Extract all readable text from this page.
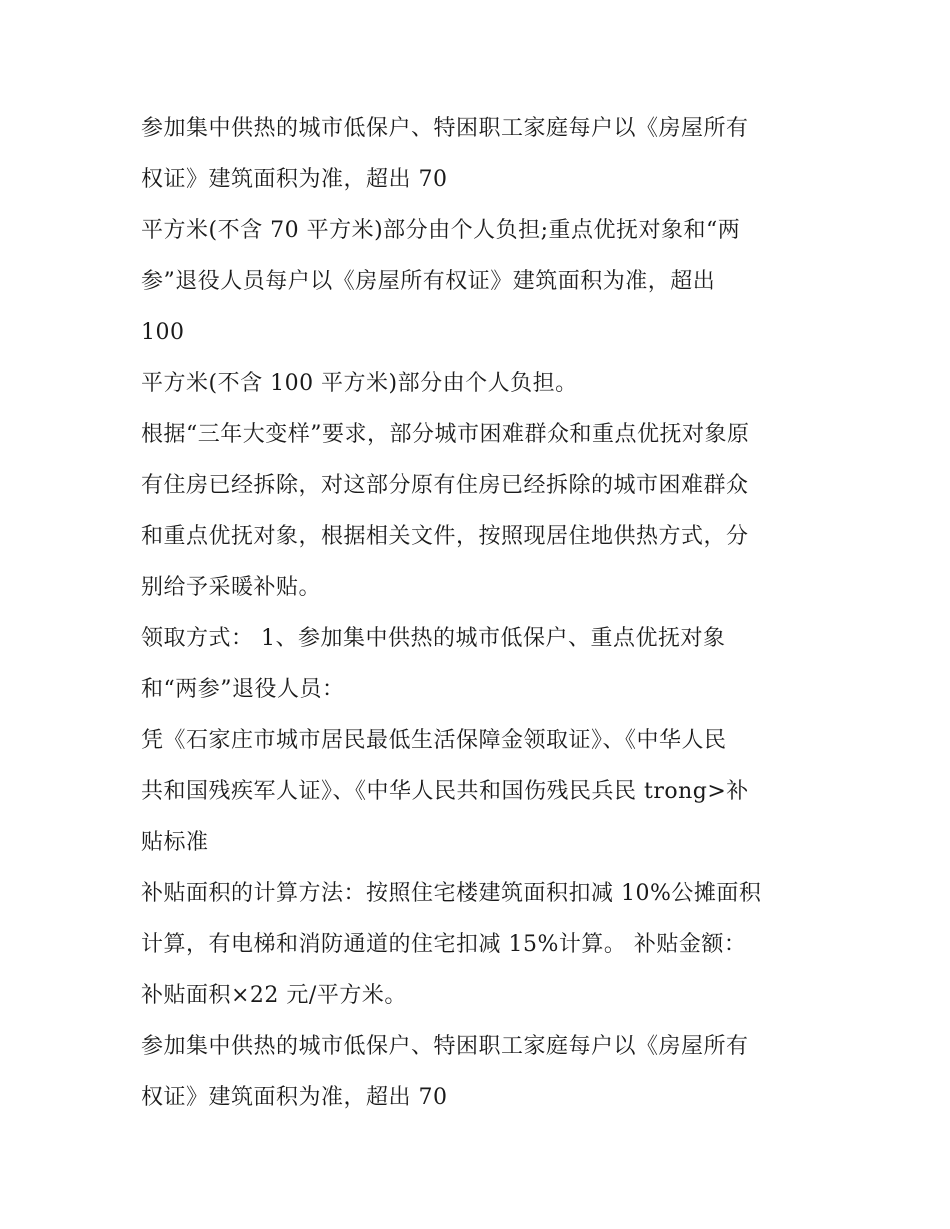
参加集中供热的城市低保户、特困职工家庭每户以《房屋所有
权证》建筑面积为准，超出 70
平方米(不含 70 平方米)部分由个人负担;重点优抚对象和“两
参”退役人员每户以《房屋所有权证》建筑面积为准，超出
100
平方米(不含 100 平方米)部分由个人负担。
根据“三年大变样”要求，部分城市困难群众和重点优抚对象原
有住房已经拆除，对这部分原有住房已经拆除的城市困难群众
和重点优抚对象，根据相关文件，按照现居住地供热方式，分
别给予采暖补贴。
领取方式： 1、参加集中供热的城市低保户、重点优抚对象
和“两参”退役人员：
凭《石家庄市城市居民最低生活保障金领取证》、《中华人民
共和国残疾军人证》、《中华人民共和国伤残民兵民 trong>补
贴标准
补贴面积的计算方法：按照住宅楼建筑面积扣减 10%公摊面积
计算，有电梯和消防通道的住宅扣减 15%计算。 补贴金额：
补贴面积×22 元/平方米。
参加集中供热的城市低保户、特困职工家庭每户以《房屋所有
权证》建筑面积为准，超出 70
